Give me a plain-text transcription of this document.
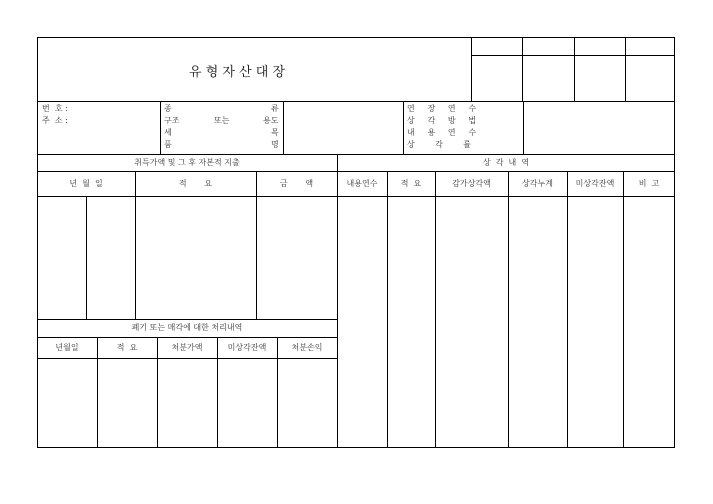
유 형 자 산 대 장
번  호 :
주  소 :
종	류
구조	또는	용도
세	목
품	명
연     장     연     수
상     각     방     법
내     용     연     수
상        각        률
취득가액 및 그 후 자본적 지출	상  각  내  역
년  월  일	적       요	금       액	내용연수	적  요	감가상각액	상각누계	미상각잔액	비  고
폐기 또는 매각에 대한 처리내역
년월일	적  요	처분가액	미상각잔액	처분손익
